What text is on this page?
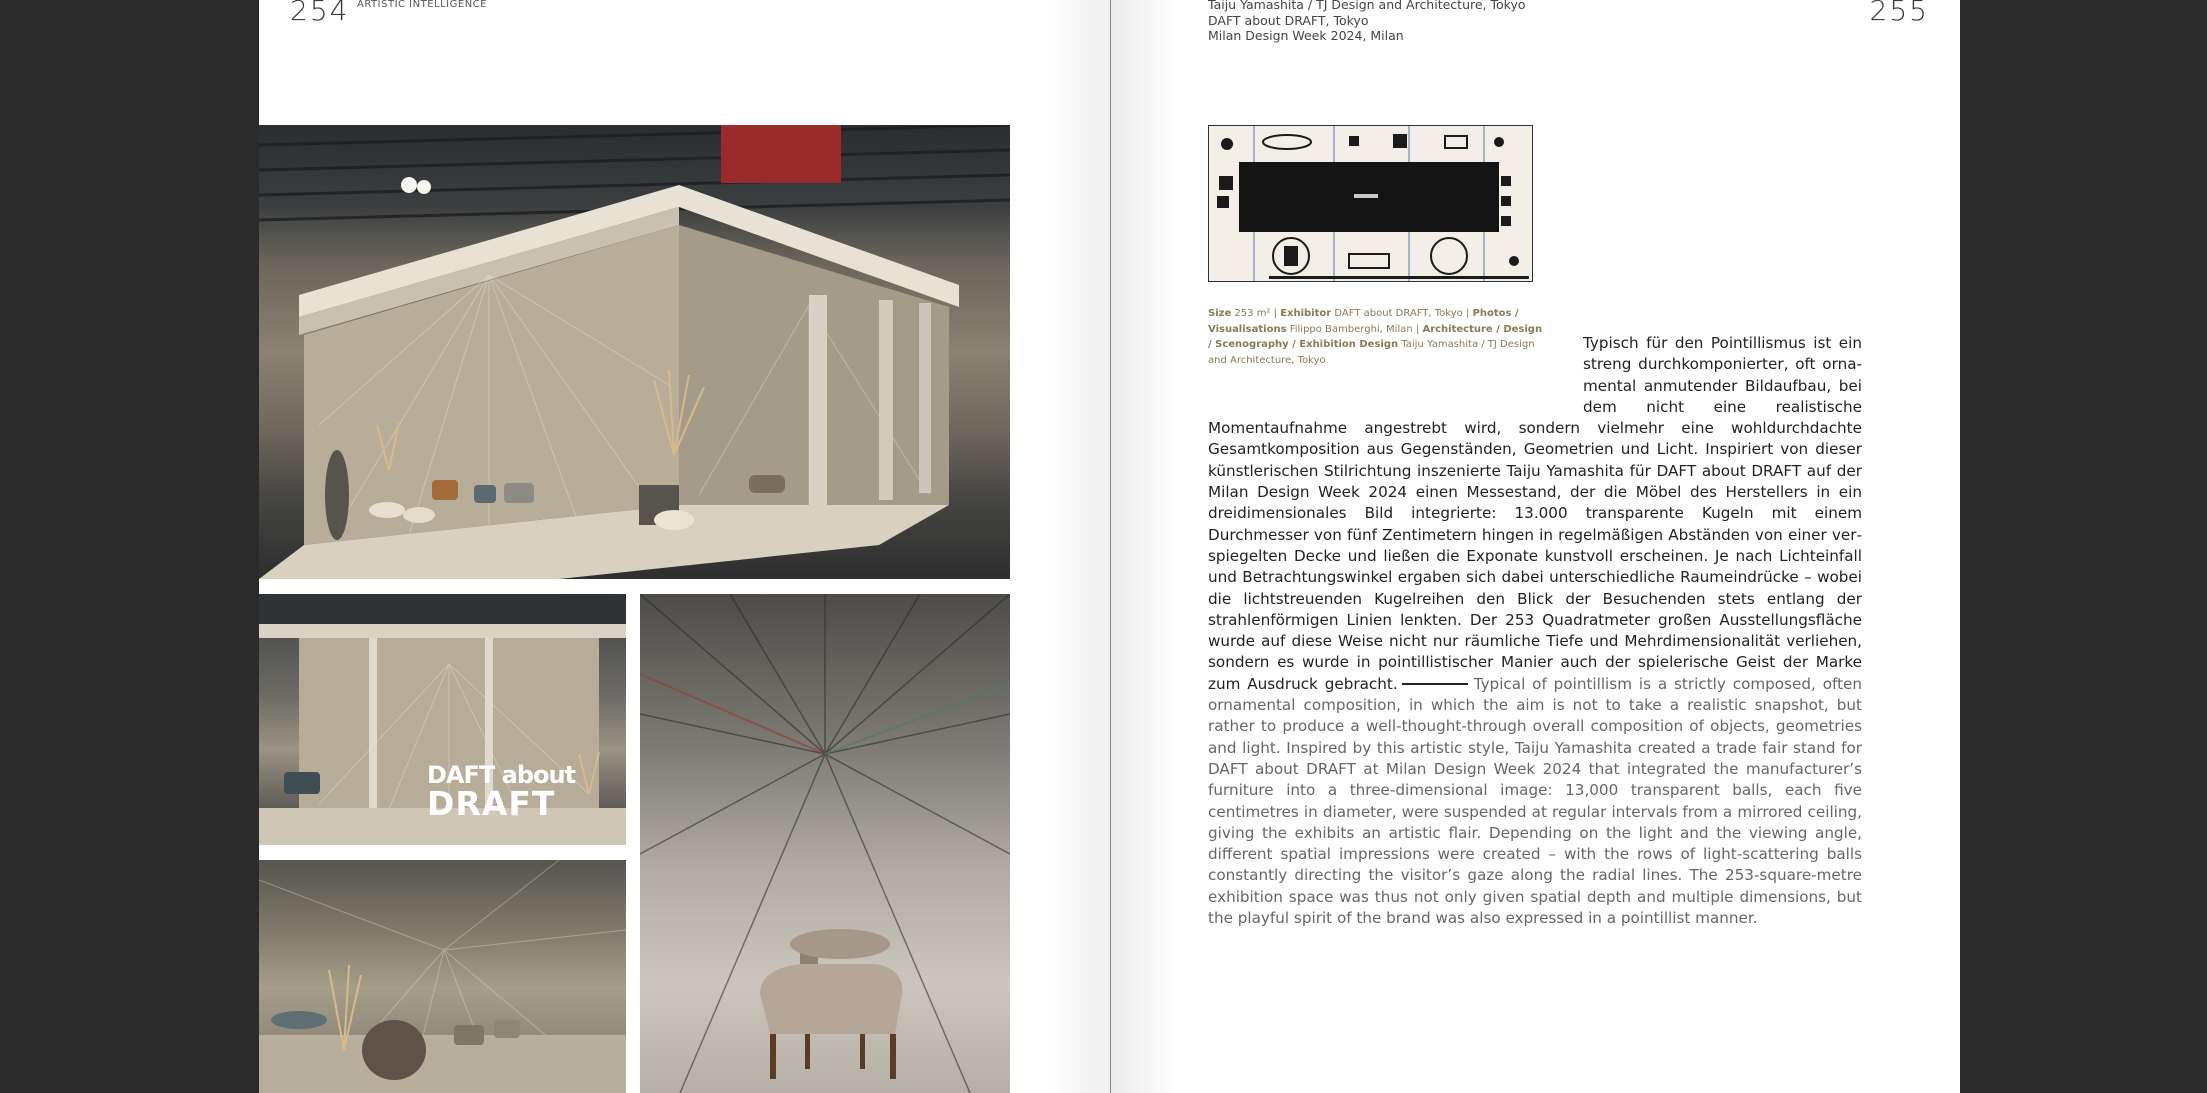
254 ARTISTIC INTELLIGENCE
DAFT about
DRAFT
255
Taiju Yamashita / TJ Design and Architecture, Tokyo
DAFT about DRAFT, Tokyo
Milan Design Week 2024, Milan
Size 253 m² | Exhibitor DAFT about DRAFT, Tokyo | Photos / Visualisations Filippo Bamberghi, Milan | Architecture / Design / Scenography / Exhibition Design Taiju Yamashita / TJ Design and Architecture, Tokyo
Typisch für den Pointillismus ist ein streng durchkomponierter, oft ornamental anmutender Bildaufbau, bei dem nicht eine realistische Momentaufnahme angestrebt wird, sondern vielmehr eine wohldurchdachte Gesamtkomposition aus Gegenständen, Geometrien und Licht. Inspiriert von dieser künstlerischen Stilrichtung inszenierte Taiju Yamashita für DAFT about DRAFT auf der Milan Design Week 2024 einen Messestand, der die Möbel des Herstellers in ein dreidimensionales Bild integrierte: 13.000 transparente Kugeln mit einem Durchmesser von fünf Zentimetern hingen in regelmäßigen Abständen von einer verspiegelten Decke und ließen die Exponate kunstvoll erscheinen. Je nach Lichteinfall und Betrachtungswinkel ergaben sich dabei unterschiedliche Raumeindrücke – wobei die lichtstreuenden Kugelreihen den Blick der Besuchenden stets entlang der strahlenförmigen Linien lenkten. Der 253 Quadratmeter großen Ausstellungsfläche wurde auf diese Weise nicht nur räumliche Tiefe und Mehrdimensionalität verliehen, sondern es wurde in pointillistischer Manier auch der spielerische Geist der Marke zum Ausdruck gebracht.	Typical of pointillism is a strictly composed, often ornamental composition, in which the aim is not to take a realistic snapshot, but rather to produce a well-thought-through overall composition of objects, geometries and light. Inspired by this artistic style, Taiju Yamashita created a trade fair stand for DAFT about DRAFT at Milan Design Week 2024 that integrated the manufacturer’s furniture into a three-dimensional image: 13,000 transparent balls, each five centimetres in diameter, were suspended at regular intervals from a mirrored ceiling, giving the exhibits an artistic flair. Depending on the light and the viewing angle, different spatial impressions were created – with the rows of light-scattering balls constantly directing the visitor’s gaze along the radial lines. The 253-square-metre exhibition space was thus not only given spatial depth and multiple dimensions, but the playful spirit of the brand was also expressed in a pointillist manner.
